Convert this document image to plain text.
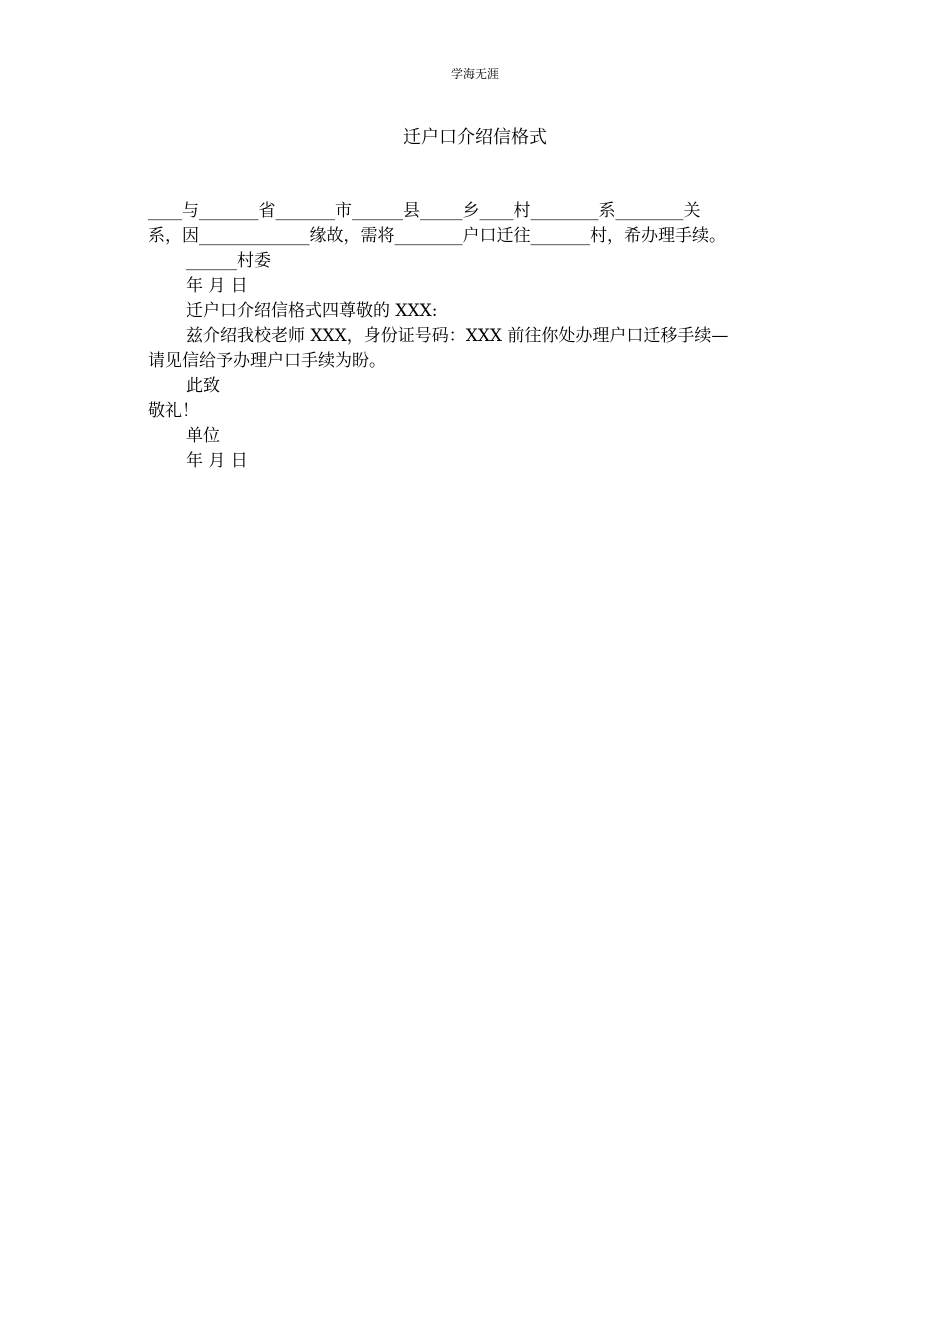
学海无涯
迁户口介绍信格式
____与_______省_______市______县_____乡____村________系________关
系，因_____________缘故，需将________户口迁往_______村，希办理手续。
______村委
年 月 日
迁户口介绍信格式四尊敬的 XXX:
兹介绍我校老师 XXX，身份证号码：XXX 前往你处办理户口迁移手续—
请见信给予办理户口手续为盼。
此致
敬礼！
单位
年 月 日
